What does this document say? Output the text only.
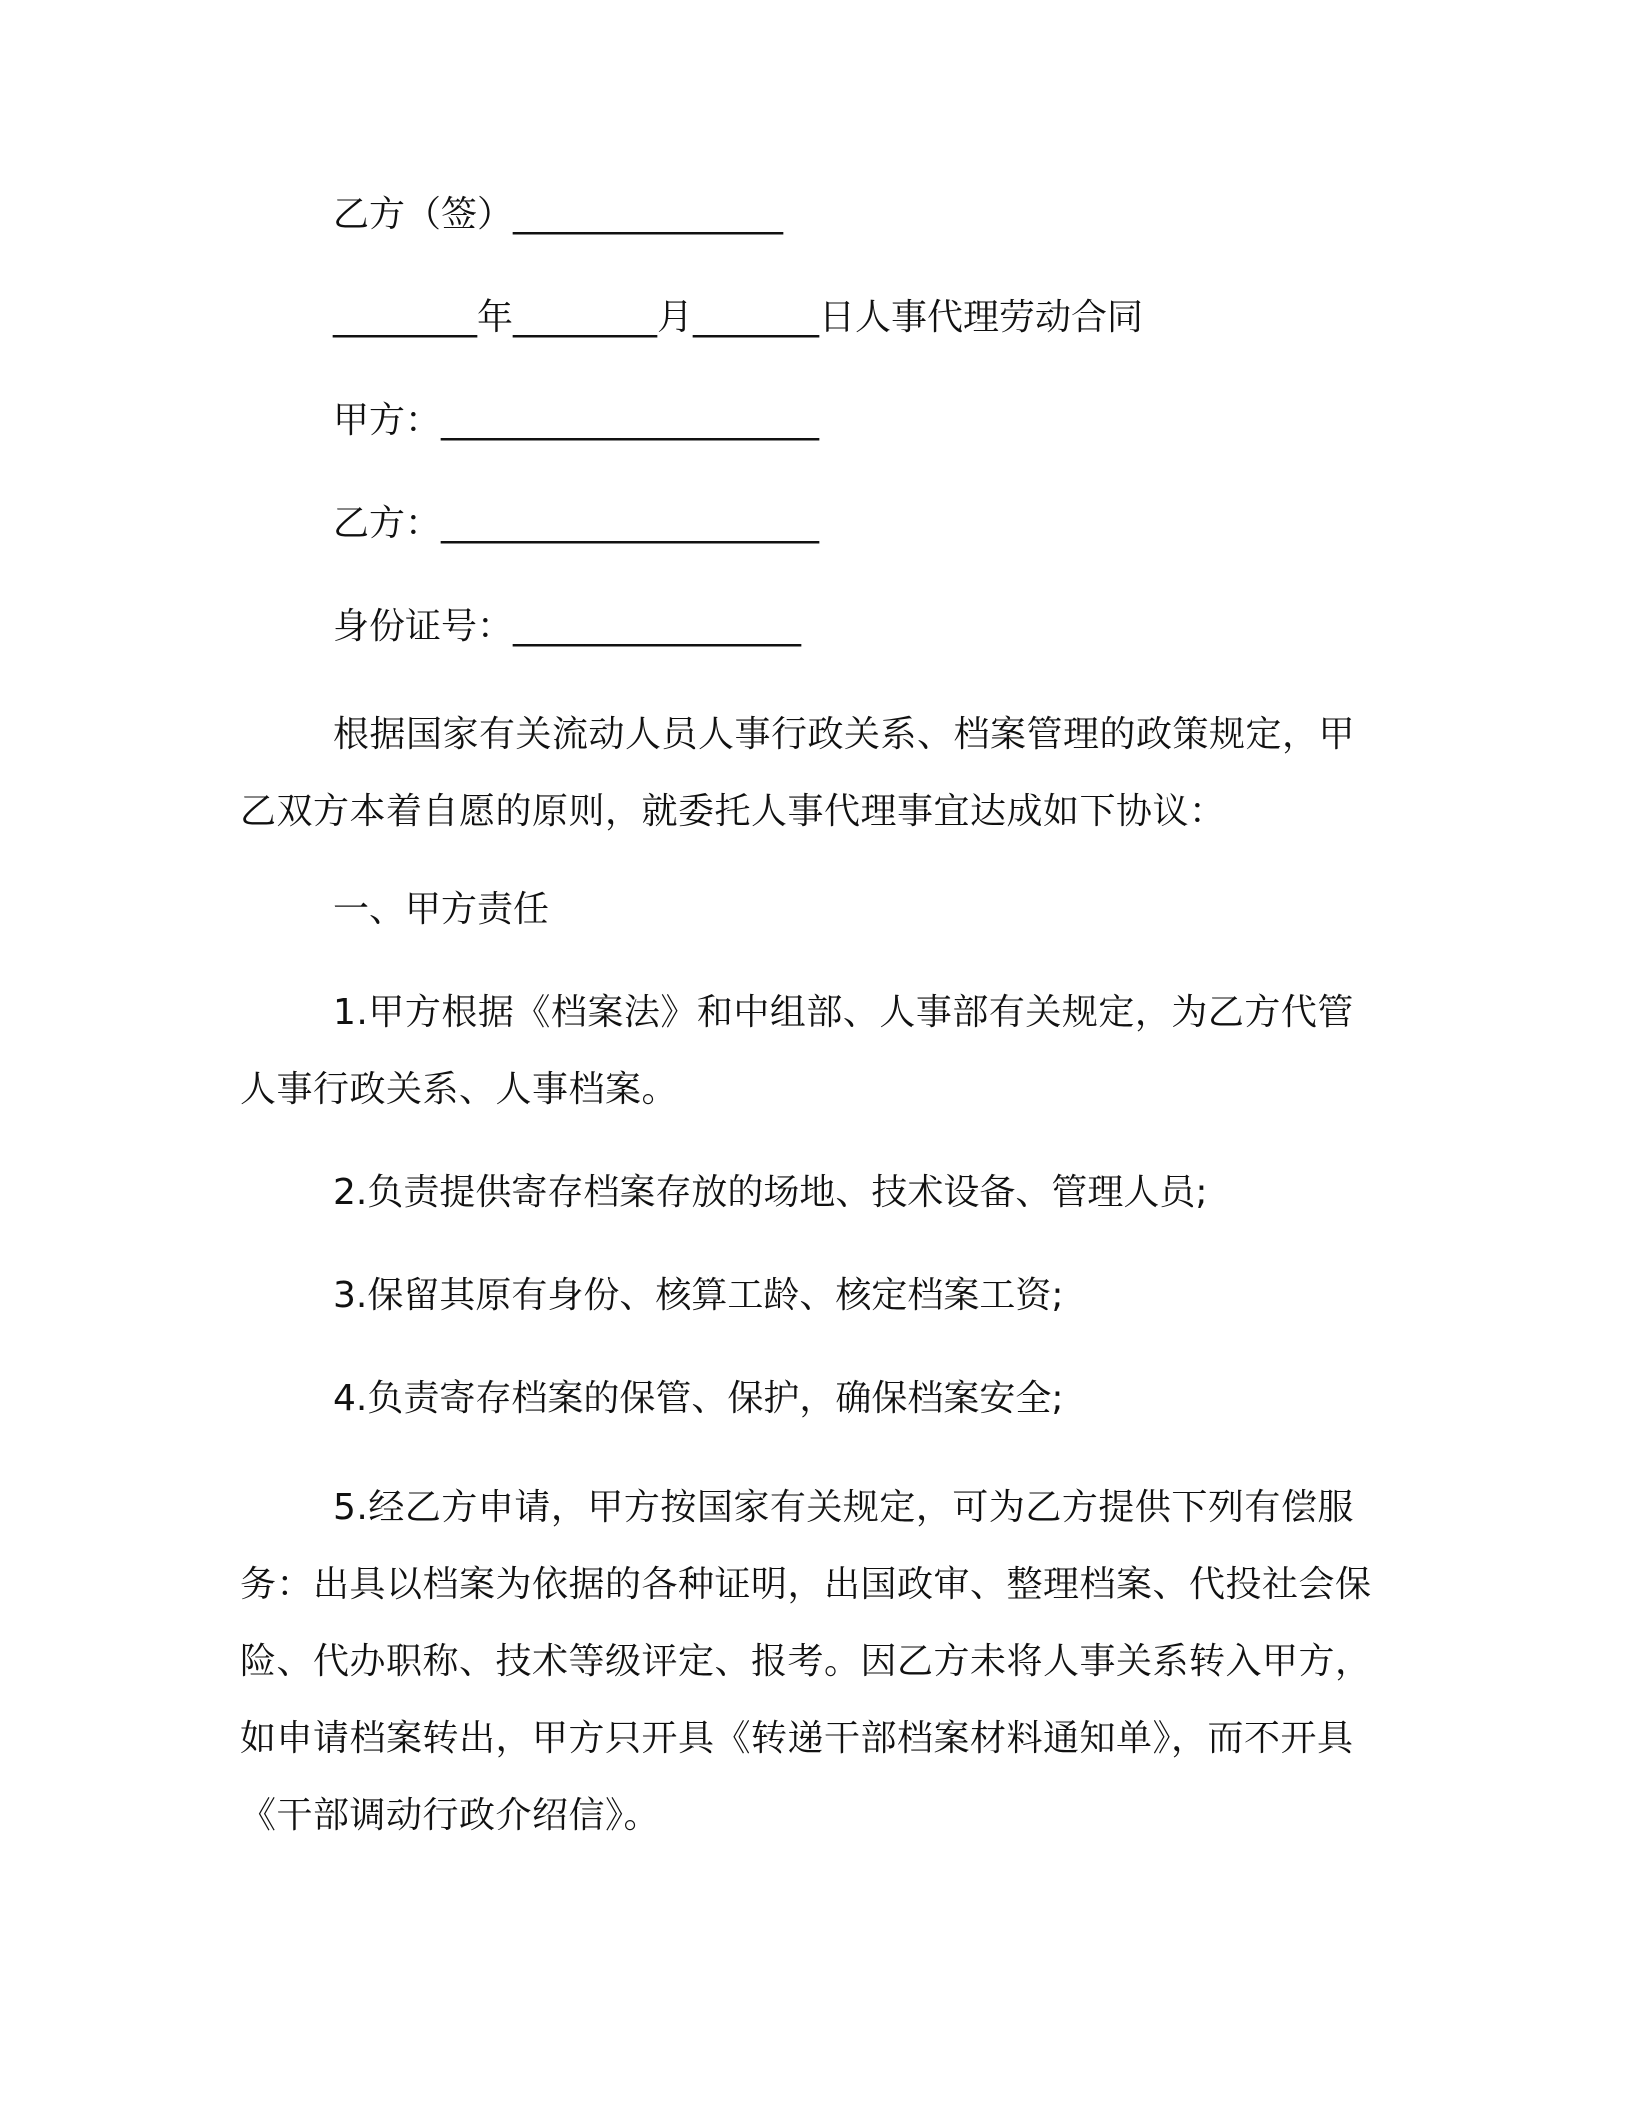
乙方（签）_______________
________年________月_______日人事代理劳动合同
甲方：_____________________
乙方：_____________________
身份证号：________________
根据国家有关流动人员人事行政关系、档案管理的政策规定，甲乙双方本着自愿的原则，就委托人事代理事宜达成如下协议：
一、甲方责任
1.甲方根据《档案法》和中组部、人事部有关规定，为乙方代管人事行政关系、人事档案。
2.负责提供寄存档案存放的场地、技术设备、管理人员;
3.保留其原有身份、核算工龄、核定档案工资;
4.负责寄存档案的保管、保护，确保档案安全;
5.经乙方申请，甲方按国家有关规定，可为乙方提供下列有偿服务：出具以档案为依据的各种证明，出国政审、整理档案、代投社会保险、代办职称、技术等级评定、报考。因乙方未将人事关系转入甲方，如申请档案转出，甲方只开具《转递干部档案材料通知单》，而不开具《干部调动行政介绍信》。
